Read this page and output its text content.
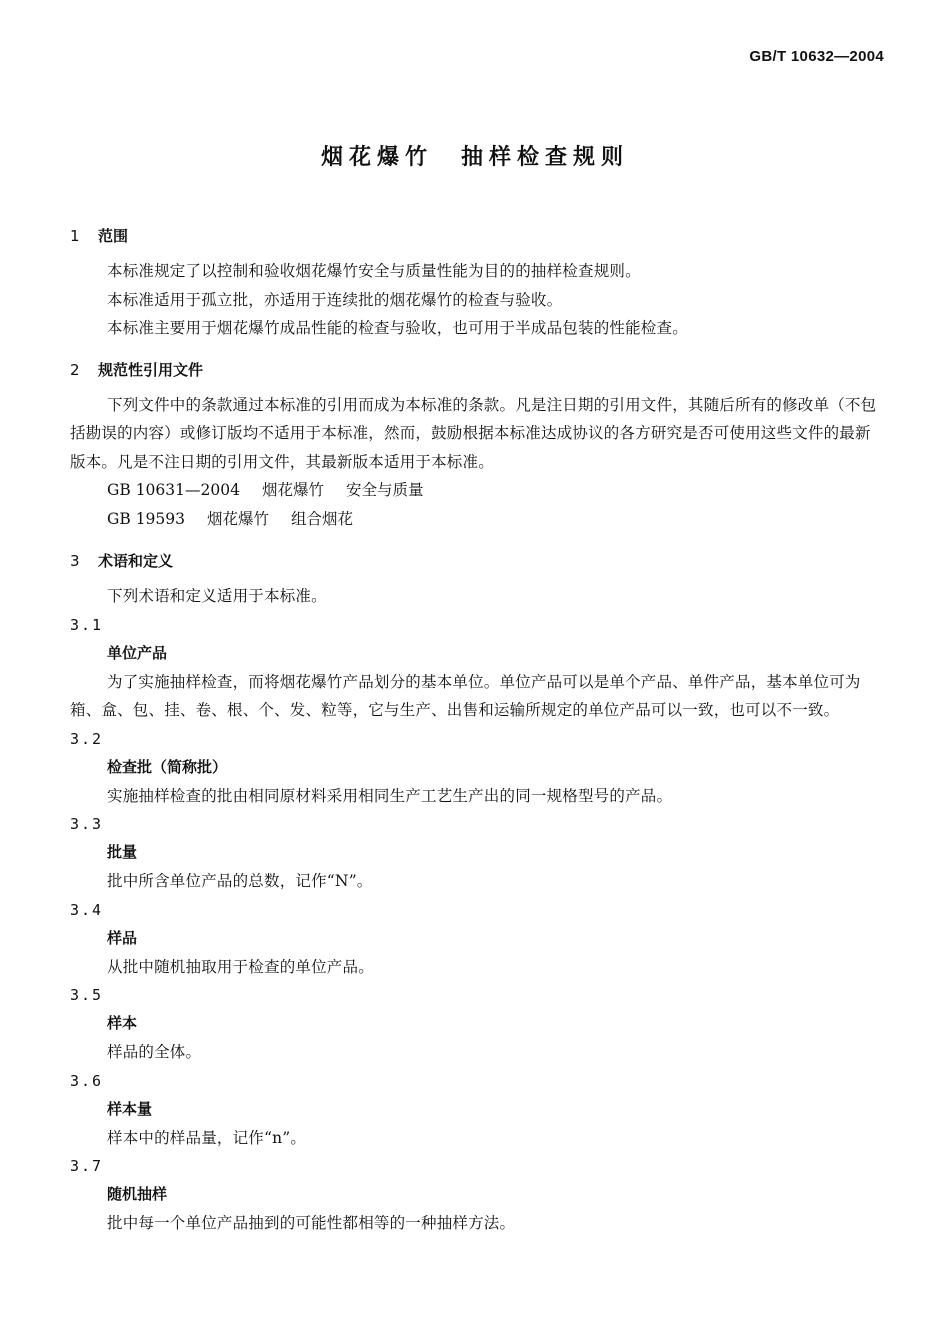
GB/T 10632—2004
烟花爆竹　抽样检查规则
1 范围

本标准规定了以控制和验收烟花爆竹安全与质量性能为目的的抽样检查规则。

本标准适用于孤立批，亦适用于连续批的烟花爆竹的检查与验收。

本标准主要用于烟花爆竹成品性能的检查与验收，也可用于半成品包装的性能检查。

2 规范性引用文件

下列文件中的条款通过本标准的引用而成为本标准的条款。凡是注日期的引用文件，其随后所有的修改单（不包括勘误的内容）或修订版均不适用于本标准，然而，鼓励根据本标准达成协议的各方研究是否可使用这些文件的最新版本。凡是不注日期的引用文件，其最新版本适用于本标准。

GB 10631—2004 烟花爆竹 安全与质量
GB 19593 烟花爆竹 组合烟花
3 术语和定义

下列术语和定义适用于本标准。

3.1
单位产品

为了实施抽样检查，而将烟花爆竹产品划分的基本单位。单位产品可以是单个产品、单件产品，基本单位可为箱、盒、包、挂、卷、根、个、发、粒等，它与生产、出售和运输所规定的单位产品可以一致，也可以不一致。

3.2
检查批（简称批）

实施抽样检查的批由相同原材料采用相同生产工艺生产出的同一规格型号的产品。

3.3
批量

批中所含单位产品的总数，记作“N”。

3.4
样品

从批中随机抽取用于检查的单位产品。

3.5
样本

样品的全体。

3.6
样本量

样本中的样品量，记作“n”。

3.7
随机抽样

批中每一个单位产品抽到的可能性都相等的一种抽样方法。
